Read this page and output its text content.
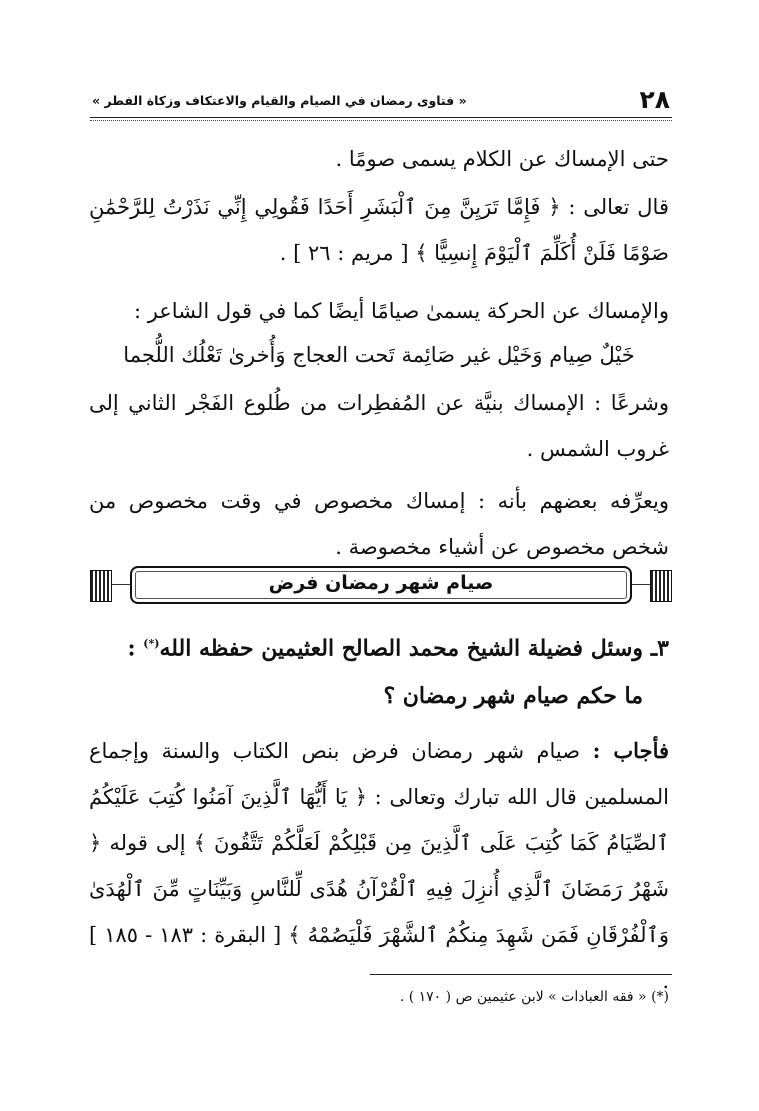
٢٨
« فتاوى رمضان في الصيام والقيام والاعتكاف وزكاة الفطر »
حتى الإمساك عن الكلام يسمى صومًا .
قال تعالى : ﴿ فَإِمَّا تَرَيِنَّ مِنَ ٱلْبَشَرِ أَحَدًا فَقُولِي إِنِّي نَذَرْتُ لِلرَّحْمَٰنِ صَوْمًا فَلَنْ أُكَلِّمَ ٱلْيَوْمَ إِنسِيًّا ﴾ [ مريم : ٢٦ ] .
والإمساك عن الحركة يسمىٰ صيامًا أيضًا كما في قول الشاعر :
خَيْلٌ صِيام وَخَيْل غير صَائِمة تَحت العجاج وَأُخرىٰ تَعْلُك اللُّجما
وشرعًا : الإمساك بنيَّة عن المُفطِرات من طُلوع الفَجْر الثاني إلى غروب الشمس .
ويعرِّفه بعضهم بأنه : إمساك مخصوص في وقت مخصوص من شخص مخصوص عن أشياء مخصوصة .
صيام شهر رمضان فرض
٣ـ وسئل فضيلة الشيخ محمد الصالح العثيمين حفظه الله(*) :
ما حكم صيام شهر رمضان ؟
فأجاب : صيام شهر رمضان فرض بنص الكتاب والسنة وإجماع المسلمين قال الله تبارك وتعالى : ﴿ يَا أَيُّهَا ٱلَّذِينَ آمَنُوا كُتِبَ عَلَيْكُمُ ٱلصِّيَامُ كَمَا كُتِبَ عَلَى ٱلَّذِينَ مِن قَبْلِكُمْ لَعَلَّكُمْ تَتَّقُونَ ﴾ إلى قوله ﴿ شَهْرُ رَمَضَانَ ٱلَّذِي أُنزِلَ فِيهِ ٱلْقُرْآنُ هُدًى لِّلنَّاسِ وَبَيِّنَاتٍ مِّنَ ٱلْهُدَىٰ وَٱلْفُرْقَانِ فَمَن شَهِدَ مِنكُمُ ٱلشَّهْرَ فَلْيَصُمْهُ ﴾ [ البقرة : ١٨٣ - ١٨٥ ] .
(*) « فقه العبادات » لابن عثيمين ص ( ١٧٠ ) .
